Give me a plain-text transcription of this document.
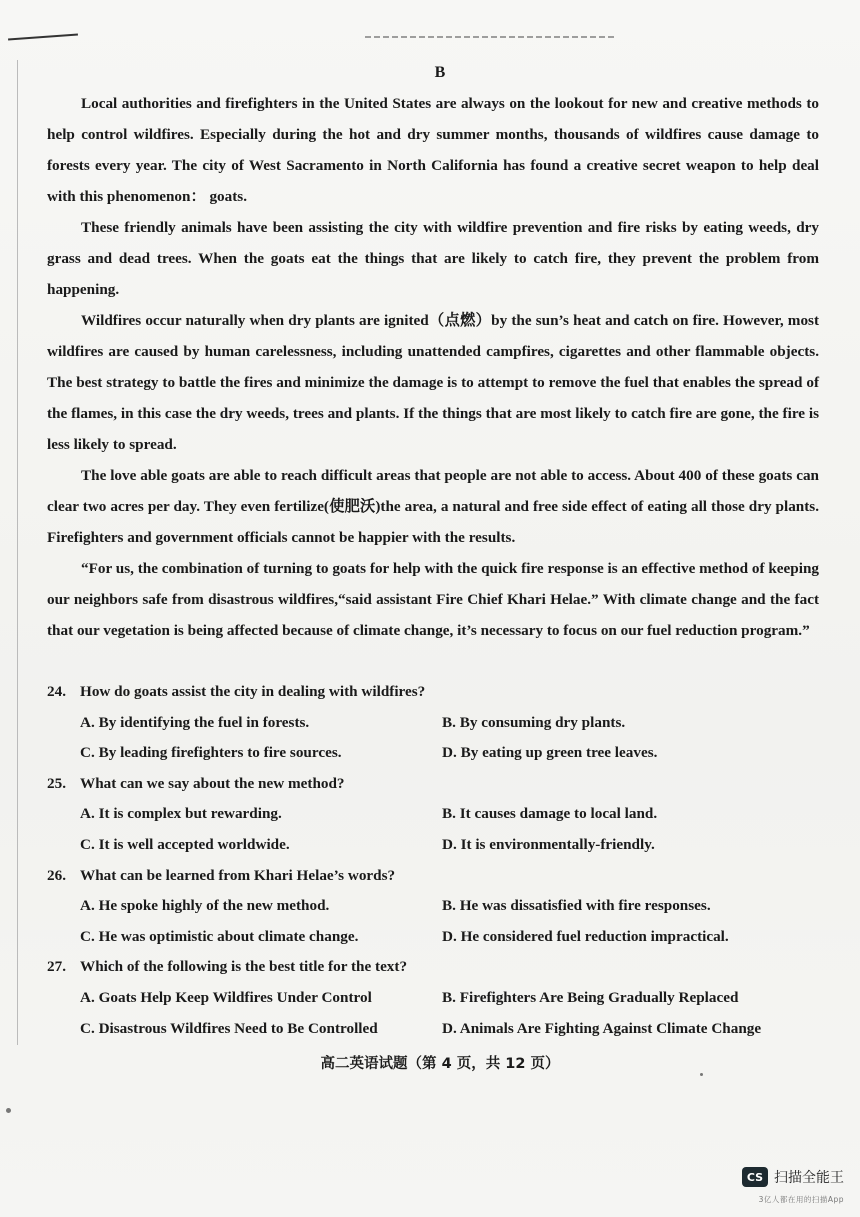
B

Local authorities and firefighters in the United States are always on the lookout for new and creative methods to help control wildfires. Especially during the hot and dry summer months, thousands of wildfires cause damage to forests every year. The city of West Sacramento in North California has found a creative secret weapon to help deal with this phenomenon： goats.

These friendly animals have been assisting the city with wildfire prevention and fire risks by eating weeds, dry grass and dead trees. When the goats eat the things that are likely to catch fire, they prevent the problem from happening.

Wildfires occur naturally when dry plants are ignited（点燃）by the sun’s heat and catch on fire. However, most wildfires are caused by human carelessness, including unattended campfires, cigarettes and other flammable objects. The best strategy to battle the fires and minimize the damage is to attempt to remove the fuel that enables the spread of the flames, in this case the dry weeds, trees and plants. If the things that are most likely to catch fire are gone, the fire is less likely to spread.

The love able goats are able to reach difficult areas that people are not able to access. About 400 of these goats can clear two acres per day. They even fertilize(使肥沃)the area, a natural and free side effect of eating all those dry plants. Firefighters and government officials cannot be happier with the results.

“For us, the combination of turning to goats for help with the quick fire response is an effective method of keeping our neighbors safe from disastrous wildfires,“said assistant Fire Chief Khari Helae.” With climate change and the fact that our vegetation is being affected because of climate change, it’s necessary to focus on our fuel reduction program.”

24. How do goats assist the city in dealing with wildfires?

A. By identifying the fuel in forests.	B. By consuming dry plants.
C. By leading firefighters to fire sources.	D. By eating up green tree leaves.

25. What can we say about the new method?

A. It is complex but rewarding.	B. It causes damage to local land.
C. It is well accepted worldwide.	D. It is environmentally-friendly.

26. What can be learned from Khari Helae’s words?

A. He spoke highly of the new method.	B. He was dissatisfied with fire responses.
C. He was optimistic about climate change.	D. He considered fuel reduction impractical.

27. Which of the following is the best title for the text?

A. Goats Help Keep Wildfires Under Control	B. Firefighters Are Being Gradually Replaced
C. Disastrous Wildfires Need to Be Controlled	D. Animals Are Fighting Against Climate Change
高二英语试题（第 4 页，共 12 页）
CS 扫描全能王
3亿人都在用的扫描App
